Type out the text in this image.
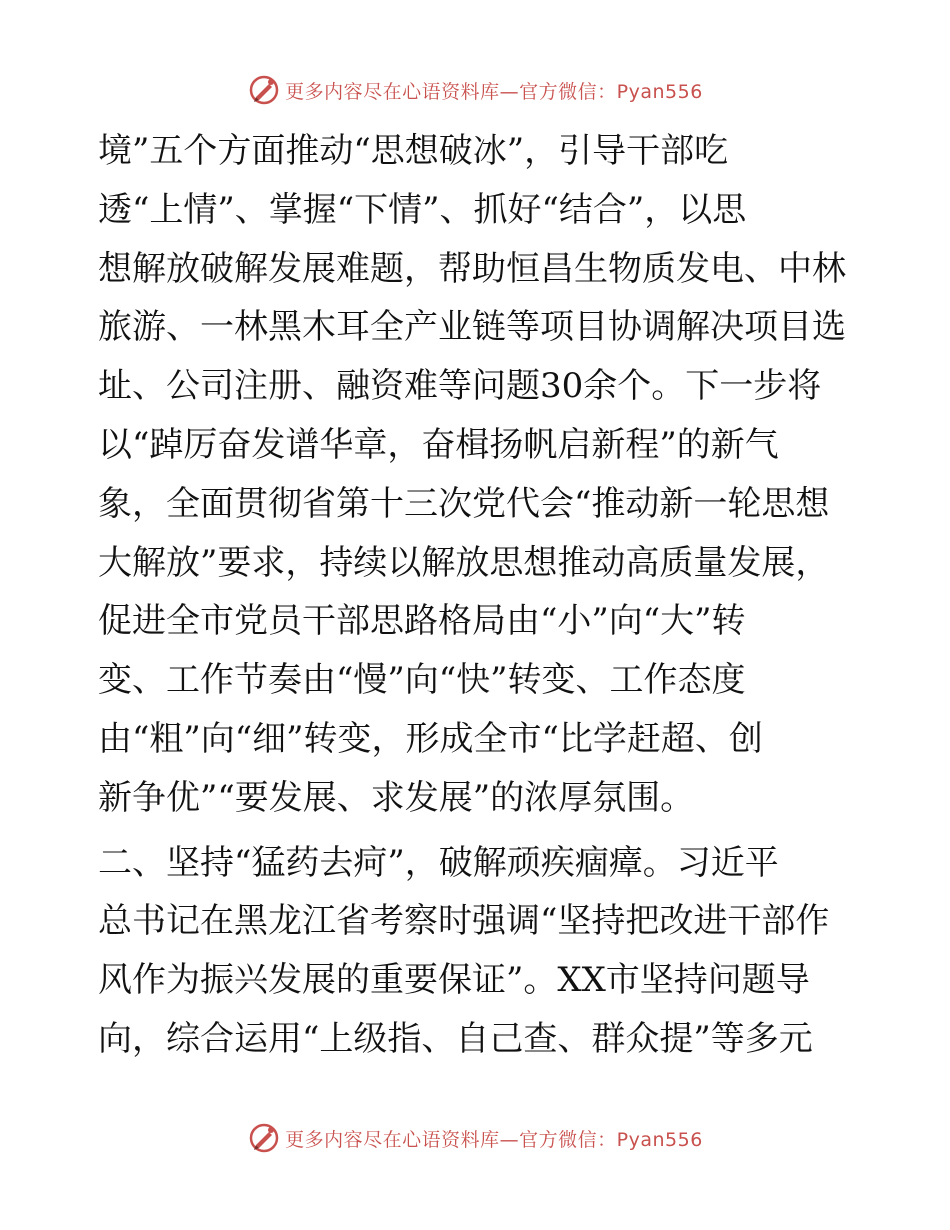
更多内容尽在心语资料库—官方微信：Pyan556
境”五个方面推动“思想破冰”，引导干部吃
透“上情”、掌握“下情”、抓好“结合”，以思
想解放破解发展难题，帮助恒昌生物质发电、中林
旅游、一林黑木耳全产业链等项目协调解决项目选
址、公司注册、融资难等问题30余个。下一步将
以“踔厉奋发谱华章，奋楫扬帆启新程”的新气
象，全面贯彻省第十三次党代会“推动新一轮思想
大解放”要求，持续以解放思想推动高质量发展，
促进全市党员干部思路格局由“小”向“大”转
变、工作节奏由“慢”向“快”转变、工作态度
由“粗”向“细”转变，形成全市“比学赶超、创
新争优”“要发展、求发展”的浓厚氛围。
二、坚持“猛药去疴”，破解顽疾痼瘴。习近平
总书记在黑龙江省考察时强调“坚持把改进干部作
风作为振兴发展的重要保证”。XX市坚持问题导
向，综合运用“上级指、自己查、群众提”等多元
更多内容尽在心语资料库—官方微信：Pyan556
